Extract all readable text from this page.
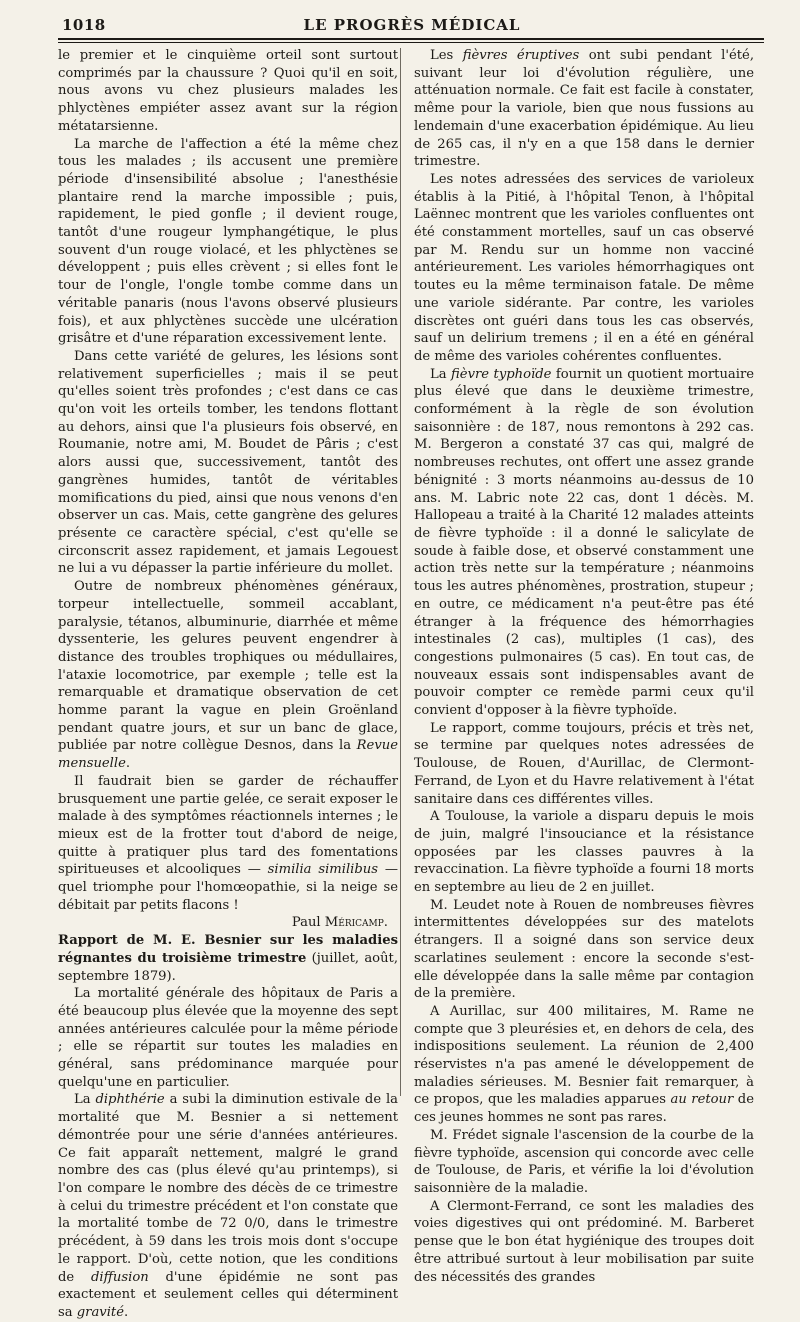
1018	LE PROGRÈS MÉDICAL

le premier et le cinquième orteil sont surtout comprimés par la chaussure ? Quoi qu'il en soit, nous avons vu chez plusieurs malades les phlyctènes empiéter assez avant sur la région métatarsienne.

La marche de l'affection a été la même chez tous les malades ; ils accusent une première période d'insensibilité absolue ; l'anesthésie plantaire rend la marche impossible ; puis, rapidement, le pied gonfle ; il devient rouge, tantôt d'une rougeur lymphangétique, le plus souvent d'un rouge violacé, et les phlyctènes se développent ; puis elles crèvent ; si elles font le tour de l'ongle, l'ongle tombe comme dans un véritable panaris (nous l'avons observé plusieurs fois), et aux phlyctènes succède une ulcération grisâtre et d'une réparation excessivement lente.

Dans cette variété de gelures, les lésions sont relativement superficielles ; mais il se peut qu'elles soient très profondes ; c'est dans ce cas qu'on voit les orteils tomber, les tendons flottant au dehors, ainsi que l'a plusieurs fois observé, en Roumanie, notre ami, M. Boudet de Pâris ; c'est alors aussi que, successivement, tantôt des gangrènes humides, tantôt de véritables momifications du pied, ainsi que nous venons d'en observer un cas. Mais, cette gangrène des gelures présente ce caractère spécial, c'est qu'elle se circonscrit assez rapidement, et jamais Legouest ne lui a vu dépasser la partie inférieure du mollet.

Outre de nombreux phénomènes généraux, torpeur intellectuelle, sommeil accablant, paralysie, tétanos, albuminurie, diarrhée et même dyssenterie, les gelures peuvent engendrer à distance des troubles trophiques ou médullaires, l'ataxie locomotrice, par exemple ; telle est la remarquable et dramatique observation de cet homme parant la vague en plein Groënland pendant quatre jours, et sur un banc de glace, publiée par notre collègue Desnos, dans la Revue mensuelle.

Il faudrait bien se garder de réchauffer brusquement une partie gelée, ce serait exposer le malade à des symptômes réactionnels internes ; le mieux est de la frotter tout d'abord de neige, quitte à pratiquer plus tard des fomentations spiritueuses et alcooliques — similia similibus — quel triomphe pour l'homœopathie, si la neige se débitait par petits flacons !

Paul Méricamp.

Rapport de M. E. Besnier sur les maladies régnantes du troisième trimestre (juillet, août, septembre 1879).

La mortalité générale des hôpitaux de Paris a été beaucoup plus élevée que la moyenne des sept années antérieures calculée pour la même période ; elle se répartit sur toutes les maladies en général, sans prédominance marquée pour quelqu'une en particulier.

La diphthérie a subi la diminution estivale de la mortalité que M. Besnier a si nettement démontrée pour une série d'années antérieures. Ce fait apparaît nettement, malgré le grand nombre des cas (plus élevé qu'au printemps), si l'on compare le nombre des décès de ce trimestre à celui du trimestre précédent et l'on constate que la mortalité tombe de 72 0/0, dans le trimestre précédent, à 59 dans les trois mois dont s'occupe le rapport. D'où, cette notion, que les conditions de diffusion d'une épidémie ne sont pas exactement et seulement celles qui déterminent sa gravité.

Les fièvres éruptives ont subi pendant l'été, suivant leur loi d'évolution régulière, une atténuation normale. Ce fait est facile à constater, même pour la variole, bien que nous fussions au lendemain d'une exacerbation épidémique. Au lieu de 265 cas, il n'y en a que 158 dans le dernier trimestre.

Les notes adressées des services de varioleux établis à la Pitié, à l'hôpital Tenon, à l'hôpital Laënnec montrent que les varioles confluentes ont été constamment mortelles, sauf un cas observé par M. Rendu sur un homme non vacciné antérieurement. Les varioles hémorrhagiques ont toutes eu la même terminaison fatale. De même une variole sidérante. Par contre, les varioles discrètes ont guéri dans tous les cas observés, sauf un delirium tremens ; il en a été en général de même des varioles cohérentes confluentes.

La fièvre typhoïde fournit un quotient mortuaire plus élevé que dans le deuxième trimestre, conformément à la règle de son évolution saisonnière : de 187, nous remontons à 292 cas. M. Bergeron a constaté 37 cas qui, malgré de nombreuses rechutes, ont offert une assez grande bénignité : 3 morts néanmoins au-dessus de 10 ans. M. Labric note 22 cas, dont 1 décès. M. Hallopeau a traité à la Charité 12 malades atteints de fièvre typhoïde : il a donné le salicylate de soude à faible dose, et observé constamment une action très nette sur la température ; néanmoins tous les autres phénomènes, prostration, stupeur ; en outre, ce médicament n'a peut-être pas été étranger à la fréquence des hémorrhagies intestinales (2 cas), multiples (1 cas), des congestions pulmonaires (5 cas). En tout cas, de nouveaux essais sont indispensables avant de pouvoir compter ce remède parmi ceux qu'il convient d'opposer à la fièvre typhoïde.

Le rapport, comme toujours, précis et très net, se termine par quelques notes adressées de Toulouse, de Rouen, d'Aurillac, de Clermont-Ferrand, de Lyon et du Havre relativement à l'état sanitaire dans ces différentes villes.

A Toulouse, la variole a disparu depuis le mois de juin, malgré l'insouciance et la résistance opposées par les classes pauvres à la revaccination. La fièvre typhoïde a fourni 18 morts en septembre au lieu de 2 en juillet.

M. Leudet note à Rouen de nombreuses fièvres intermittentes développées sur des matelots étrangers. Il a soigné dans son service deux scarlatines seulement : encore la seconde s'est-elle développée dans la salle même par contagion de la première.

A Aurillac, sur 400 militaires, M. Rame ne compte que 3 pleurésies et, en dehors de cela, des indispositions seulement. La réunion de 2,400 réservistes n'a pas amené le développement de maladies sérieuses. M. Besnier fait remarquer, à ce propos, que les maladies apparues au retour de ces jeunes hommes ne sont pas rares.

M. Frédet signale l'ascension de la courbe de la fièvre typhoïde, ascension qui concorde avec celle de Toulouse, de Paris, et vérifie la loi d'évolution saisonnière de la maladie.

A Clermont-Ferrand, ce sont les maladies des voies digestives qui ont prédominé. M. Barberet pense que le bon état hygiénique des troupes doit être attribué surtout à leur mobilisation par suite des nécessités des grandes
